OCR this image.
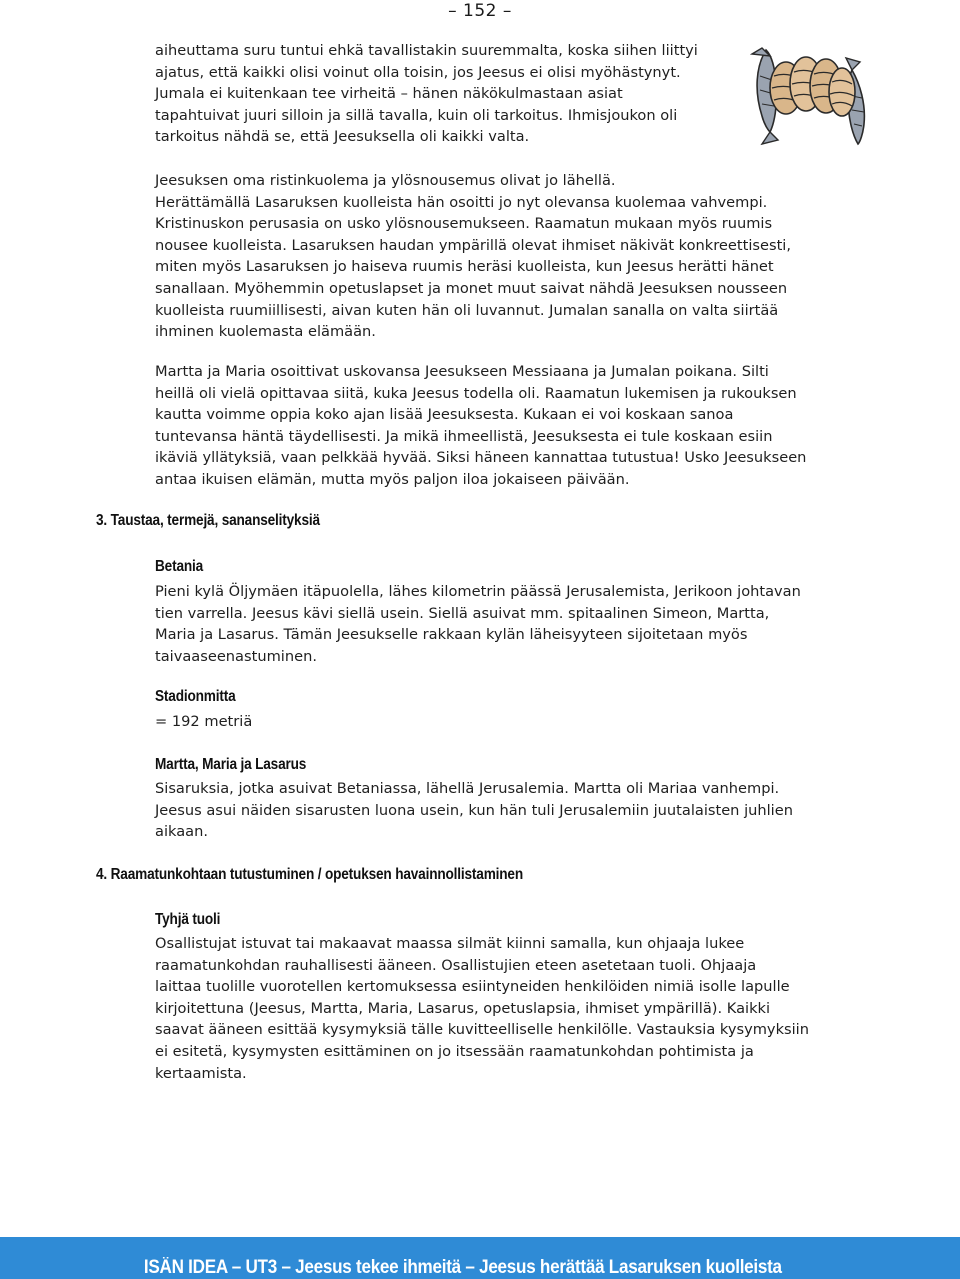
– 152 –
aiheuttama suru tuntui ehkä tavallistakin suuremmalta, koska siihen liittyi
ajatus, että kaikki olisi voinut olla toisin, jos Jeesus ei olisi myöhästynyt.
Jumala ei kuitenkaan tee virheitä – hänen näkökulmastaan asiat
tapahtuivat juuri silloin ja sillä tavalla, kuin oli tarkoitus. Ihmisjoukon oli
tarkoitus nähdä se, että Jeesuksella oli kaikki valta.
Jeesuksen oma ristinkuolema ja ylösnousemus olivat jo lähellä.
Herättämällä Lasaruksen kuolleista hän osoitti jo nyt olevansa kuolemaa vahvempi.
Kristinuskon perusasia on usko ylösnousemukseen. Raamatun mukaan myös ruumis
nousee kuolleista. Lasaruksen haudan ympärillä olevat ihmiset näkivät konkreettisesti,
miten myös Lasaruksen jo haiseva ruumis heräsi kuolleista, kun Jeesus herätti hänet
sanallaan. Myöhemmin opetuslapset ja monet muut saivat nähdä Jeesuksen nousseen
kuolleista ruumiillisesti, aivan kuten hän oli luvannut. Jumalan sanalla on valta siirtää
ihminen kuolemasta elämään.
Martta ja Maria osoittivat uskovansa Jeesukseen Messiaana ja Jumalan poikana. Silti
heillä oli vielä opittavaa siitä, kuka Jeesus todella oli. Raamatun lukemisen ja rukouksen
kautta voimme oppia koko ajan lisää Jeesuksesta. Kukaan ei voi koskaan sanoa
tuntevansa häntä täydellisesti. Ja mikä ihmeellistä, Jeesuksesta ei tule koskaan esiin
ikäviä yllätyksiä, vaan pelkkää hyvää. Siksi häneen kannattaa tutustua! Usko Jeesukseen
antaa ikuisen elämän, mutta myös paljon iloa jokaiseen päivään.
3. Taustaa, termejä, sananselityksiä
Betania
Pieni kylä Öljymäen itäpuolella, lähes kilometrin päässä Jerusalemista, Jerikoon johtavan
tien varrella. Jeesus kävi siellä usein. Siellä asuivat mm. spitaalinen Simeon, Martta,
Maria ja Lasarus. Tämän Jeesukselle rakkaan kylän läheisyyteen sijoitetaan myös
taivaaseenastuminen.
Stadionmitta
= 192 metriä
Martta, Maria ja Lasarus
Sisaruksia, jotka asuivat Betaniassa, lähellä Jerusalemia. Martta oli Mariaa vanhempi.
Jeesus asui näiden sisarusten luona usein, kun hän tuli Jerusalemiin juutalaisten juhlien
aikaan.
4. Raamatunkohtaan tutustuminen / opetuksen havainnollistaminen
Tyhjä tuoli
Osallistujat istuvat tai makaavat maassa silmät kiinni samalla, kun ohjaaja lukee
raamatunkohdan rauhallisesti ääneen. Osallistujien eteen asetetaan tuoli. Ohjaaja
laittaa tuolille vuorotellen kertomuksessa esiintyneiden henkilöiden nimiä isolle lapulle
kirjoitettuna (Jeesus, Martta, Maria, Lasarus, opetuslapsia, ihmiset ympärillä). Kaikki
saavat ääneen esittää kysymyksiä tälle kuvitteelliselle henkilölle. Vastauksia kysymyksiin
ei esitetä, kysymysten esittäminen on jo itsessään raamatunkohdan pohtimista ja
kertaamista.
ISÄN IDEA – UT3 – Jeesus tekee ihmeitä – Jeesus herättää Lasaruksen kuolleista
